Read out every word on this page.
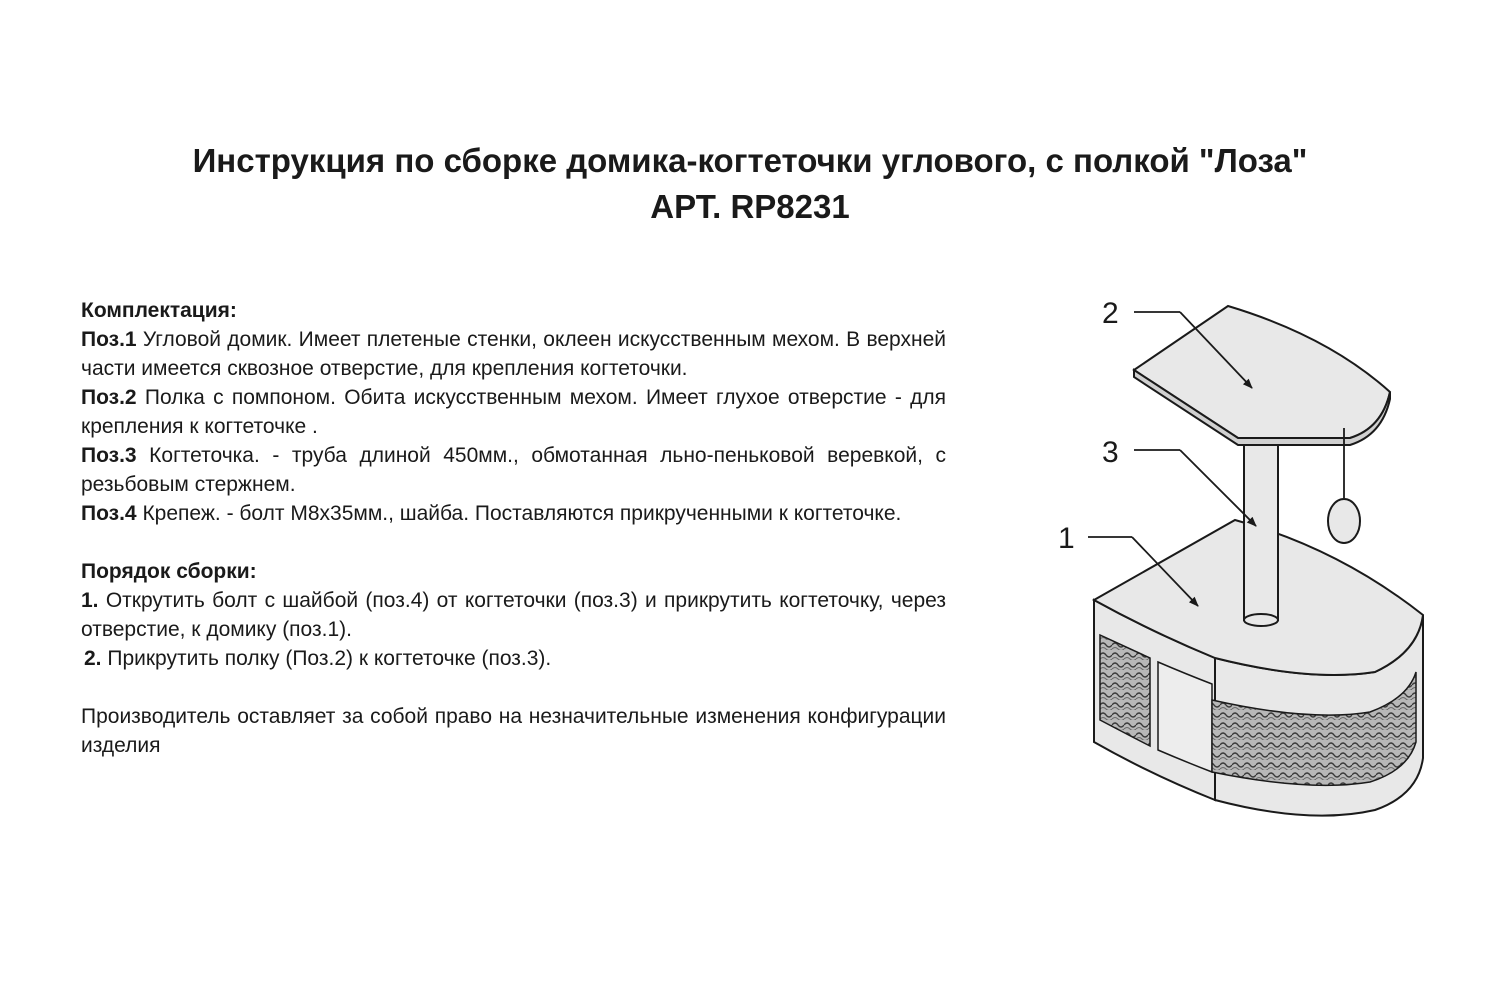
Инструкция по сборке домика-когтеточки углового, с полкой "Лоза"
АРТ. RP8231

Комплектация:

Поз.1 Угловой домик. Имеет плетеные стенки, оклеен искусственным мехом. В верхней части имеется сквозное отверстие, для крепления когтеточки.

Поз.2 Полка с помпоном. Обита искусственным мехом. Имеет глухое отверстие - для крепления к когтеточке .

Поз.3 Когтеточка. - труба длиной 450мм., обмотанная льно-пеньковой веревкой, с резьбовым стержнем.

Поз.4 Крепеж. - болт М8х35мм., шайба. Поставляются прикрученными к когтеточке.

Порядок сборки:

1. Открутить болт с шайбой (поз.4) от когтеточки (поз.3) и прикрутить когтеточку, через отверстие, к домику (поз.1).

2. Прикрутить полку (Поз.2) к когтеточке (поз.3).

Производитель оставляет за собой право на незначительные изменения конфигурации изделия

2
3
1
